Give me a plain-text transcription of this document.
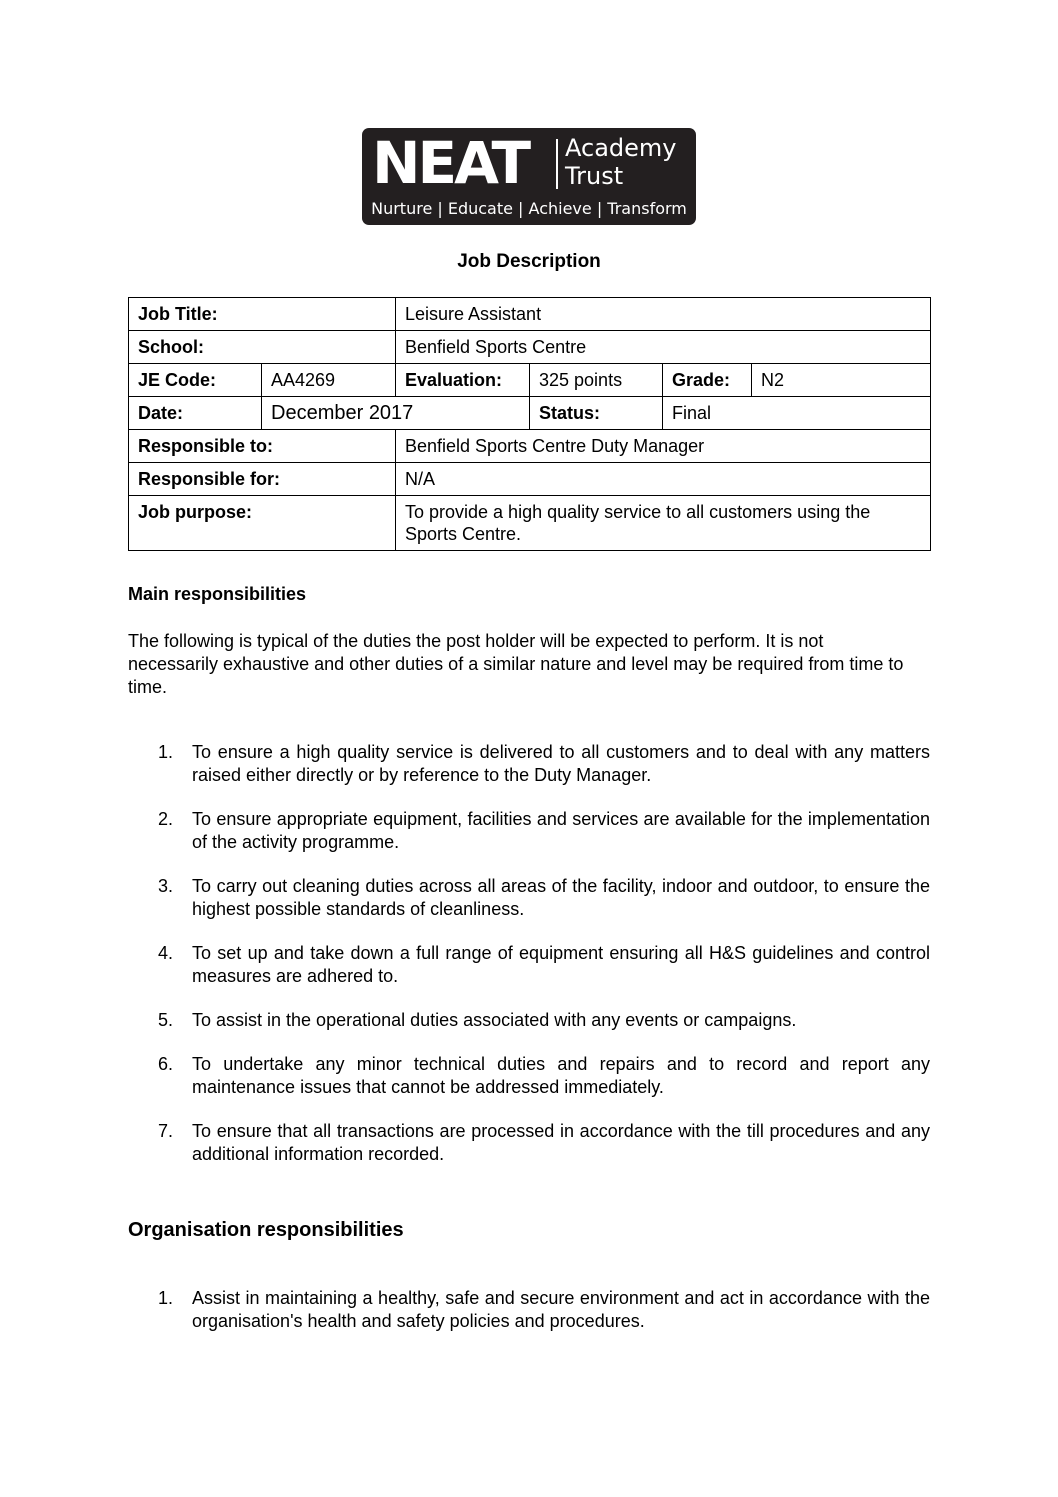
NEAT Academy
Trust
Nurture | Educate | Achieve | Transform
Job Description
Job Title:		Leisure Assistant			
School:		Benfield Sports Centre			
JE Code:	AA4269	Evaluation:	325 points	Grade:	N2
Date:	December 2017		Status:	Final	
Responsible to:		Benfield Sports Centre Duty Manager			
Responsible for:		N/A			
Job purpose:		To provide a high quality service to all customers using the Sports Centre.			
Main responsibilities

The following is typical of the duties the post holder will be expected to perform. It is not necessarily exhaustive and other duties of a similar nature and level may be required from time to time.

1. To ensure a high quality service is delivered to all customers and to deal with any matters raised either directly or by reference to the Duty Manager.
2. To ensure appropriate equipment, facilities and services are available for the implementation of the activity programme.
3. To carry out cleaning duties across all areas of the facility, indoor and outdoor, to ensure the highest possible standards of cleanliness.
4. To set up and take down a full range of equipment ensuring all H&S guidelines and control measures are adhered to.
5. To assist in the operational duties associated with any events or campaigns.
6. To undertake any minor technical duties and repairs and to record and report any maintenance issues that cannot be addressed immediately.
7. To ensure that all transactions are processed in accordance with the till procedures and any additional information recorded.
Organisation responsibilities
1. Assist in maintaining a healthy, safe and secure environment and act in accordance with the organisation's health and safety policies and procedures.
